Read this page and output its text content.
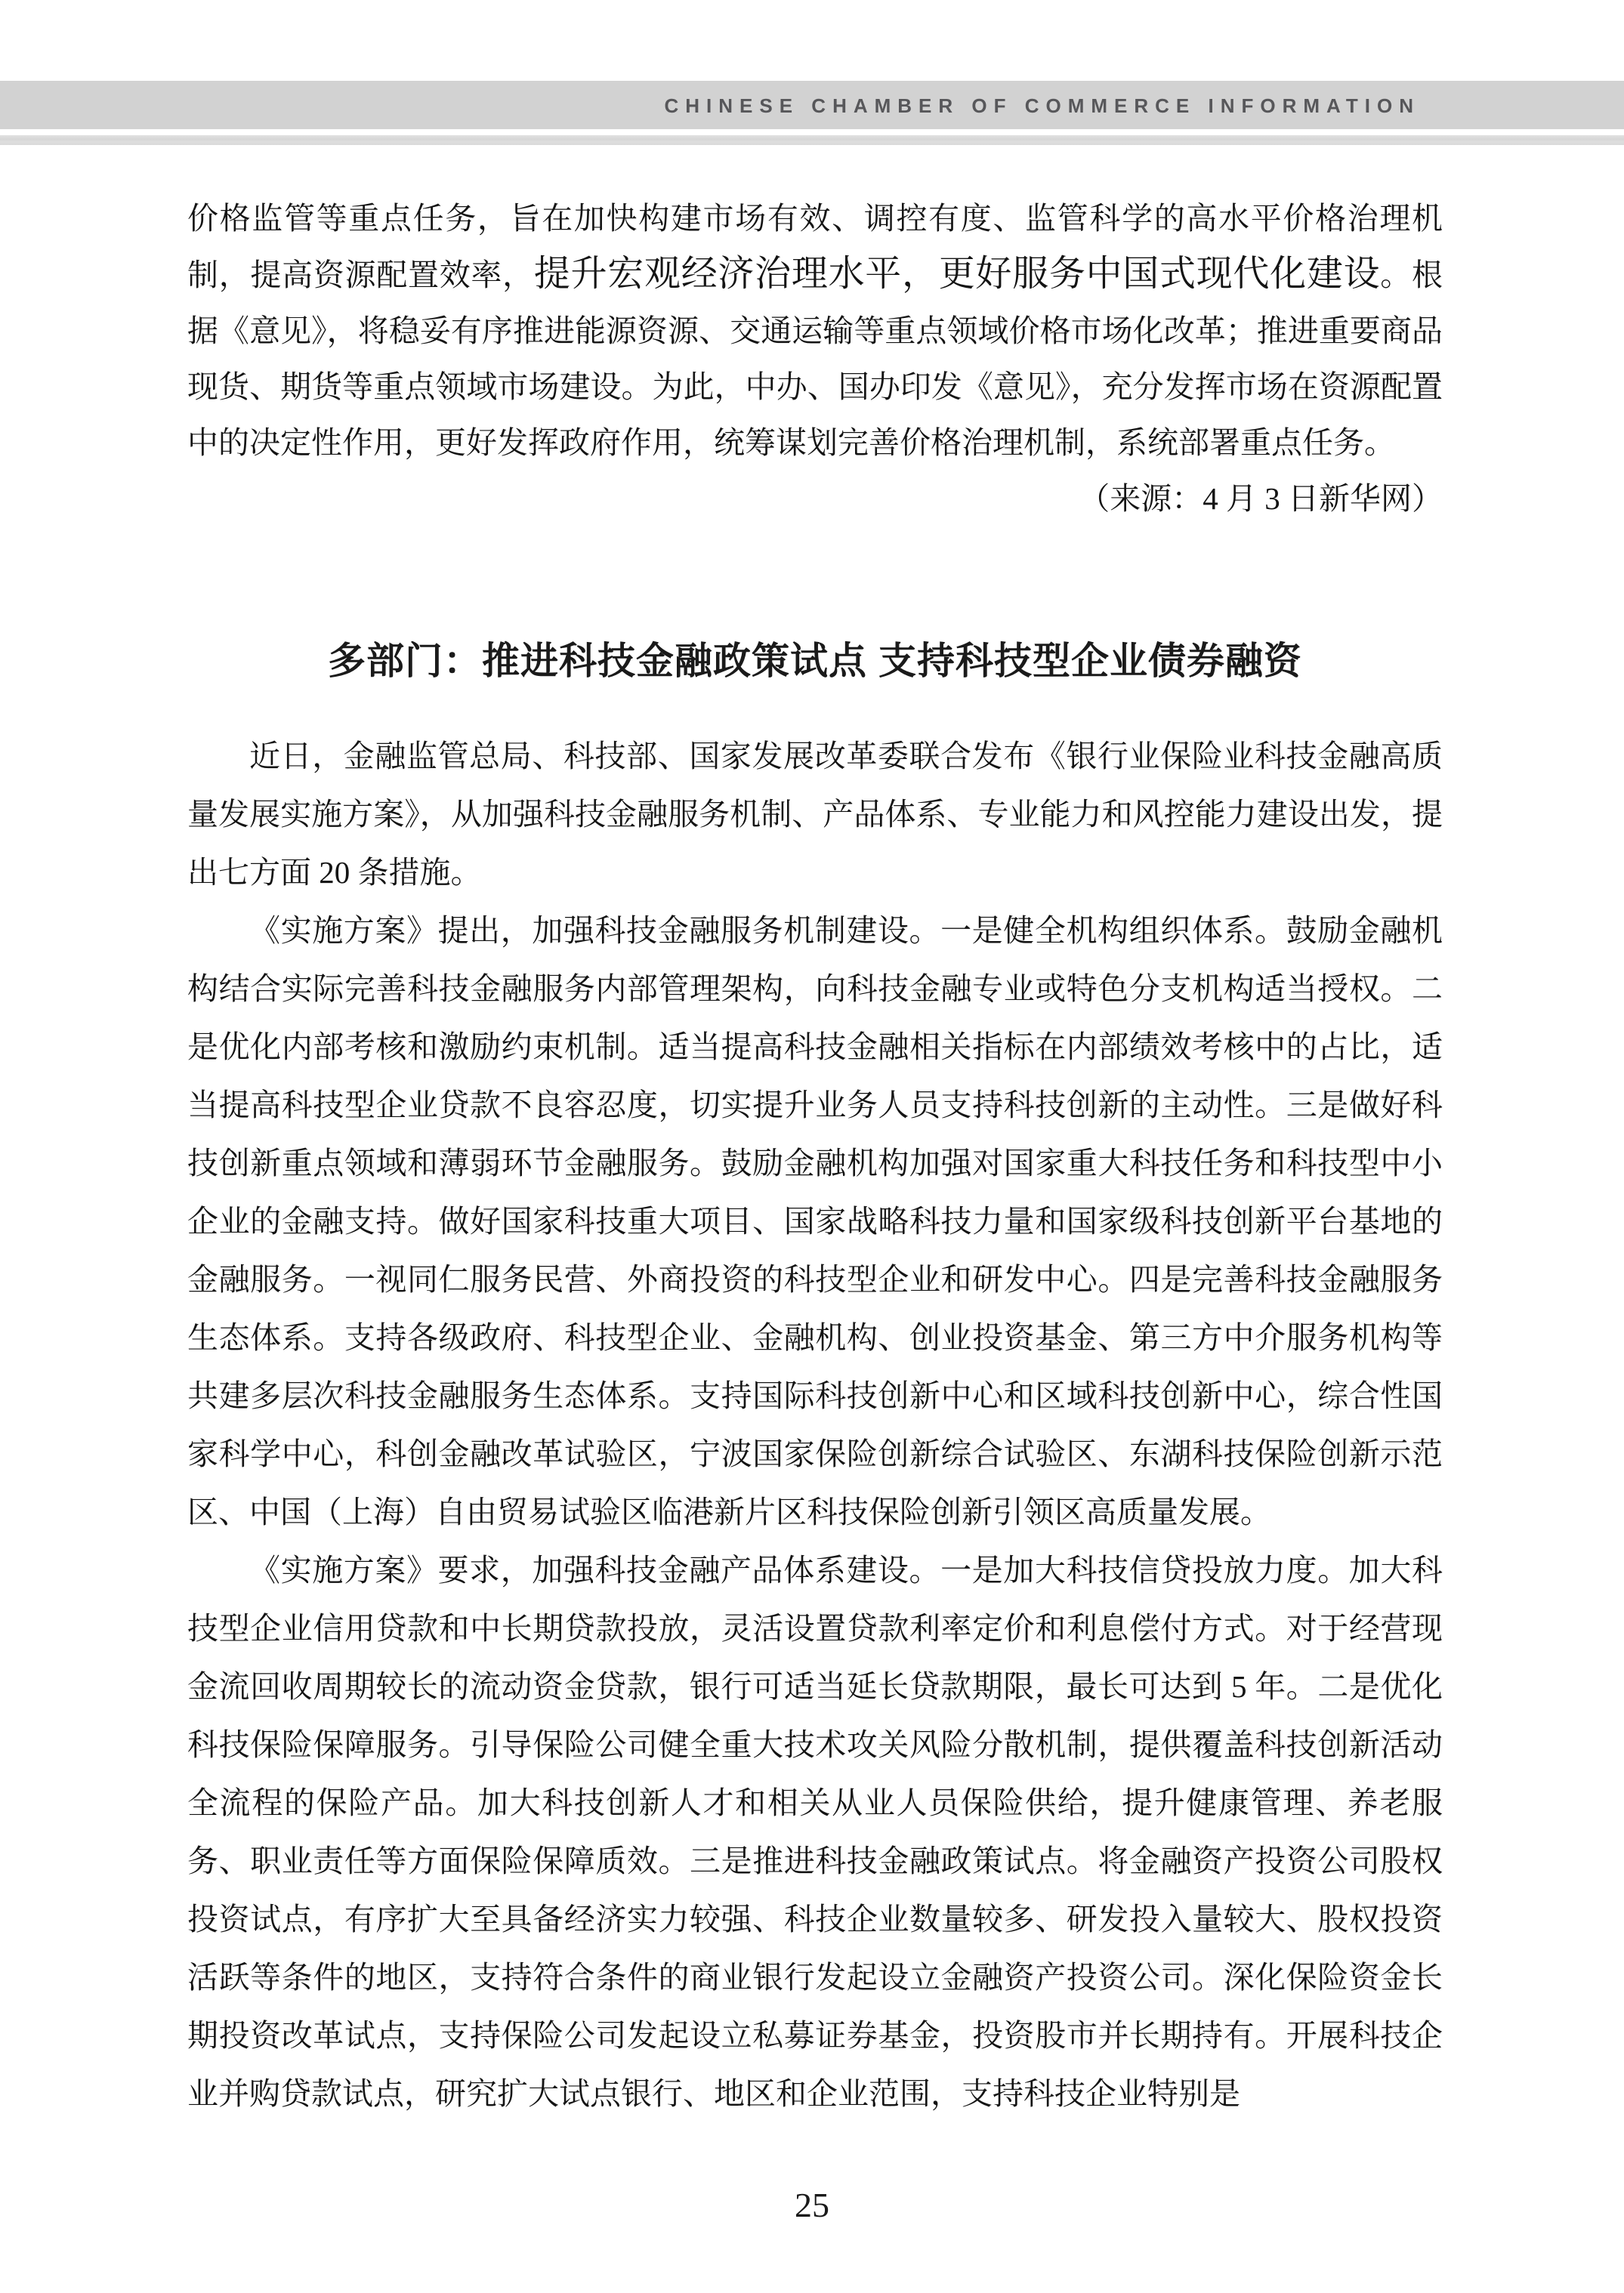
CHINESE CHAMBER OF COMMERCE INFORMATION

价格监管等重点任务，旨在加快构建市场有效、调控有度、监管科学的高水平价格治理机制，提高资源配置效率，提升宏观经济治理水平，更好服务中国式现代化建设。根据《意见》，将稳妥有序推进能源资源、交通运输等重点领域价格市场化改革；推进重要商品现货、期货等重点领域市场建设。为此，中办、国办印发《意见》，充分发挥市场在资源配置中的决定性作用，更好发挥政府作用，统筹谋划完善价格治理机制，系统部署重点任务。

（来源：4 月 3 日新华网）

多部门：推进科技金融政策试点 支持科技型企业债券融资

近日，金融监管总局、科技部、国家发展改革委联合发布《银行业保险业科技金融高质量发展实施方案》，从加强科技金融服务机制、产品体系、专业能力和风控能力建设出发，提出七方面 20 条措施。

《实施方案》提出，加强科技金融服务机制建设。一是健全机构组织体系。鼓励金融机构结合实际完善科技金融服务内部管理架构，向科技金融专业或特色分支机构适当授权。二是优化内部考核和激励约束机制。适当提高科技金融相关指标在内部绩效考核中的占比，适当提高科技型企业贷款不良容忍度，切实提升业务人员支持科技创新的主动性。三是做好科技创新重点领域和薄弱环节金融服务。鼓励金融机构加强对国家重大科技任务和科技型中小企业的金融支持。做好国家科技重大项目、国家战略科技力量和国家级科技创新平台基地的金融服务。一视同仁服务民营、外商投资的科技型企业和研发中心。四是完善科技金融服务生态体系。支持各级政府、科技型企业、金融机构、创业投资基金、第三方中介服务机构等共建多层次科技金融服务生态体系。支持国际科技创新中心和区域科技创新中心，综合性国家科学中心，科创金融改革试验区，宁波国家保险创新综合试验区、东湖科技保险创新示范区、中国（上海）自由贸易试验区临港新片区科技保险创新引领区高质量发展。

《实施方案》要求，加强科技金融产品体系建设。一是加大科技信贷投放力度。加大科技型企业信用贷款和中长期贷款投放，灵活设置贷款利率定价和利息偿付方式。对于经营现金流回收周期较长的流动资金贷款，银行可适当延长贷款期限，最长可达到 5 年。二是优化科技保险保障服务。引导保险公司健全重大技术攻关风险分散机制，提供覆盖科技创新活动全流程的保险产品。加大科技创新人才和相关从业人员保险供给，提升健康管理、养老服务、职业责任等方面保险保障质效。三是推进科技金融政策试点。将金融资产投资公司股权投资试点，有序扩大至具备经济实力较强、科技企业数量较多、研发投入量较大、股权投资活跃等条件的地区，支持符合条件的商业银行发起设立金融资产投资公司。深化保险资金长期投资改革试点，支持保险公司发起设立私募证券基金，投资股市并长期持有。开展科技企业并购贷款试点，研究扩大试点银行、地区和企业范围，支持科技企业特别是

25
